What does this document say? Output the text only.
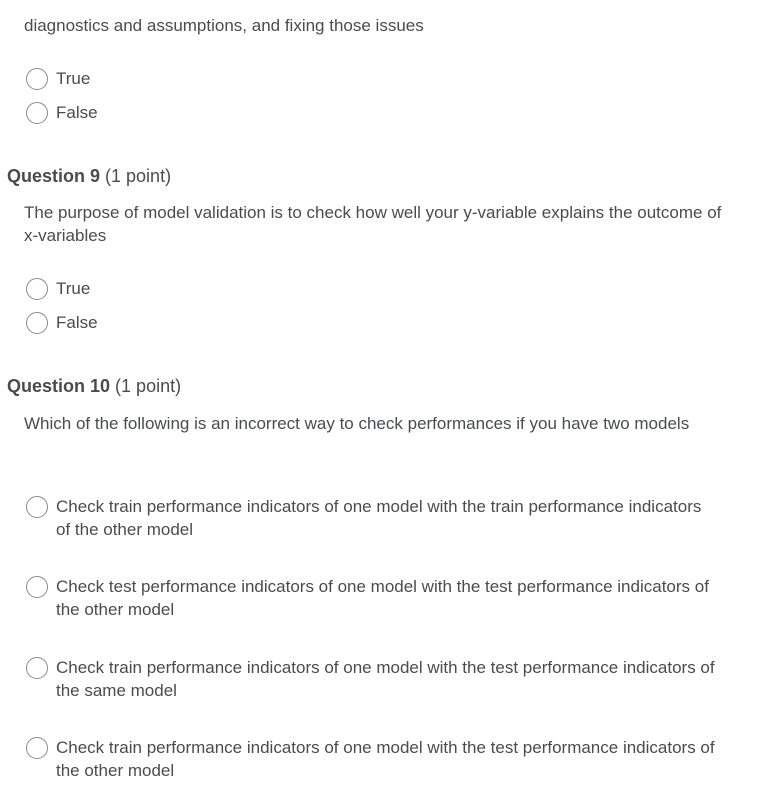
diagnostics and assumptions, and fixing those issues
True
False
Question 9 (1 point)
The purpose of model validation is to check how well your y-variable explains the outcome of x-variables
True
False
Question 10 (1 point)
Which of the following is an incorrect way to check performances if you have two models
Check train performance indicators of one model with the train performance indicators of the other model
Check test performance indicators of one model with the test performance indicators of the other model
Check train performance indicators of one model with the test performance indicators of the same model
Check train performance indicators of one model with the test performance indicators of the other model
